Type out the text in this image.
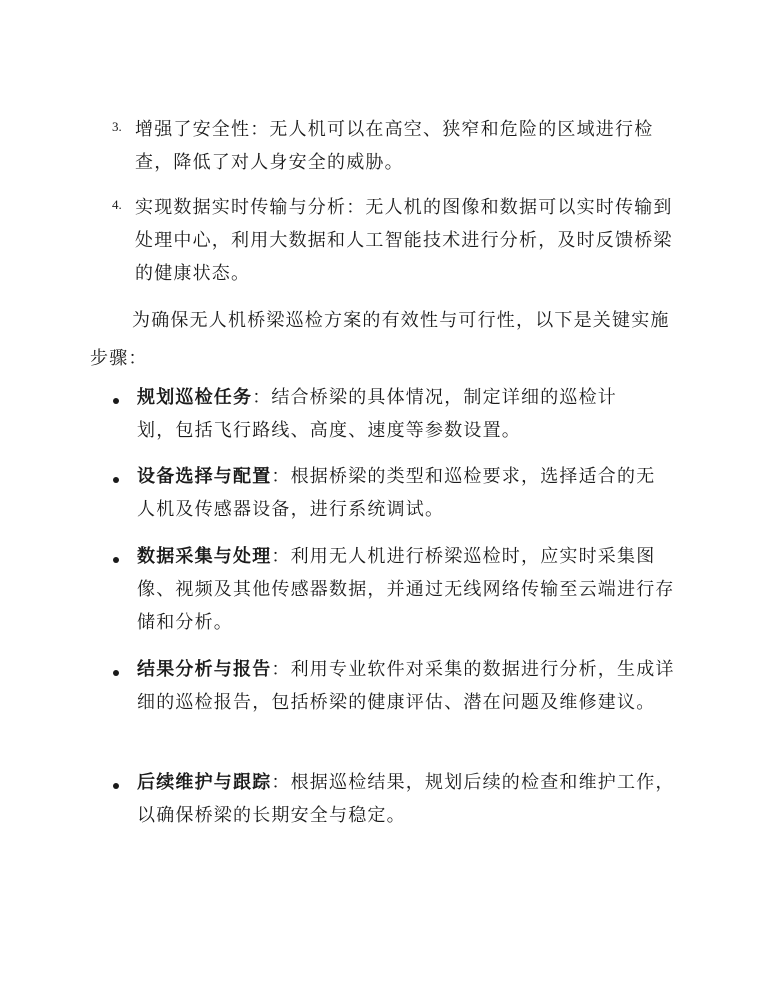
3. 增强了安全性：无人机可以在高空、狭窄和危险的区域进行检查，降低了对人身安全的威胁。
4. 实现数据实时传输与分析：无人机的图像和数据可以实时传输到处理中心，利用大数据和人工智能技术进行分析，及时反馈桥梁的健康状态。
为确保无人机桥梁巡检方案的有效性与可行性，以下是关键实施步骤：
规划巡检任务：结合桥梁的具体情况，制定详细的巡检计划，包括飞行路线、高度、速度等参数设置。
设备选择与配置：根据桥梁的类型和巡检要求，选择适合的无人机及传感器设备，进行系统调试。
数据采集与处理：利用无人机进行桥梁巡检时，应实时采集图像、视频及其他传感器数据，并通过无线网络传输至云端进行存储和分析。
结果分析与报告：利用专业软件对采集的数据进行分析，生成详细的巡检报告，包括桥梁的健康评估、潜在问题及维修建议。
后续维护与跟踪：根据巡检结果，规划后续的检查和维护工作，以确保桥梁的长期安全与稳定。
